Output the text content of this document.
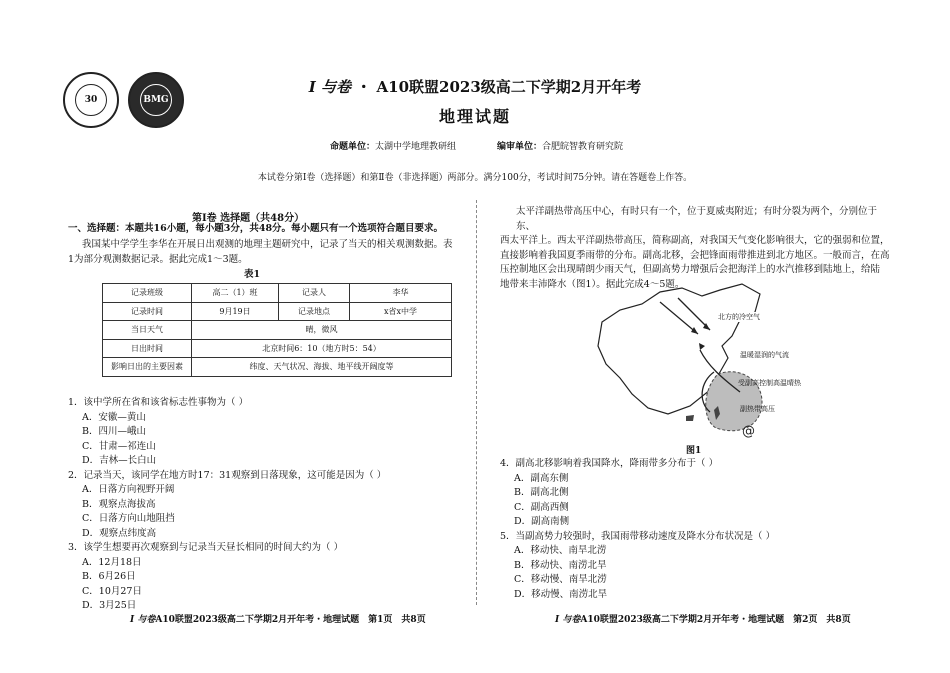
30	BMG
I 与卷 ・ A10联盟2023级高二下学期2月开年考
地理试题
命题单位：太湖中学地理教研组	编审单位：合肥皖智教育研究院
本试卷分第Ⅰ卷（选择题）和第Ⅱ卷（非选择题）两部分。满分100分，考试时间75分钟。请在答题卷上作答。
第Ⅰ卷 选择题（共48分）
一、选择题：本题共16小题，每小题3分，共48分。每小题只有一个选项符合题目要求。
我国某中学学生李华在开展日出观测的地理主题研究中，记录了当天的相关观测数据。表
1为部分观测数据记录。据此完成1～3题。
表1
记录班级	高二（1）班	记录人	李华
记录时间	9月19日	记录地点	x省x中学
当日天气	晴，微风		
日出时间	北京时间6：10（地方时5：54）		
影响日出的主要因素	纬度、天气状况、海拔、地平线开阔度等		
1．该中学所在省和该省标志性事物为（ ）
A．安徽—黄山
B．四川—峨山
C．甘肃—祁连山
D．吉林—长白山
2．记录当天，该同学在地方时17：31观察到日落现象，这可能是因为（ ）
A．日落方向视野开阔
B．观察点海拔高
C．日落方向山地阻挡
D．观察点纬度高
3．该学生想要再次观察到与记录当天昼长相同的时间大约为（ ）
A．12月18日
B．6月26日
C．10月27日
D．3月25日
太平洋副热带高压中心，有时只有一个，位于夏威夷附近；有时分裂为两个，分别位于东、
西太平洋上。西太平洋副热带高压，简称副高，对我国天气变化影响很大，它的强弱和位置，
直接影响着我国夏季雨带的分布。副高北移，会把锋面雨带推进到北方地区。一般而言，在高
压控制地区会出现晴朗少雨天气，但副高势力增强后会把海洋上的水汽推移到陆地上，给陆
地带来丰沛降水（图1）。据此完成4～5题。
@
北方的冷空气
温暖湿润的气流
受副高控制高温晴热
副热带高压
图1
4．副高北移影响着我国降水，降雨带多分布于（ ）
A．副高东侧
B．副高北侧
C．副高西侧
D．副高南侧
5．当副高势力较强时，我国雨带移动速度及降水分布状况是（ ）
A．移动快、南旱北涝
B．移动快、南涝北旱
C．移动慢、南旱北涝
D．移动慢、南涝北旱
I 与卷A10联盟2023级高二下学期2月开年考・地理试题　第1页　共8页	I 与卷A10联盟2023级高二下学期2月开年考・地理试题　第2页　共8页
